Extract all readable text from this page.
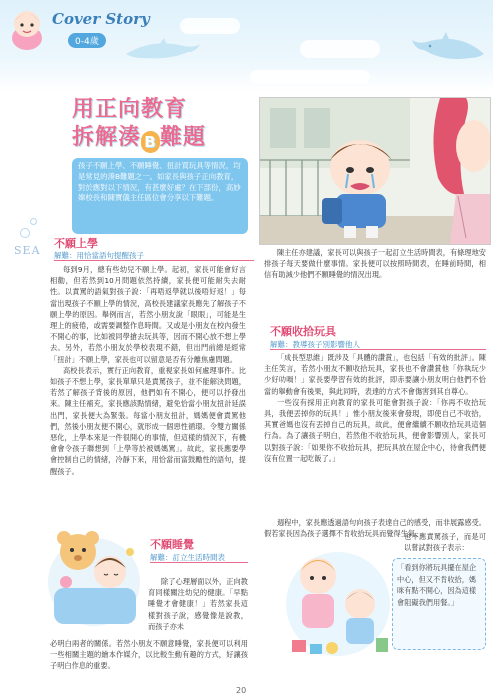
Cover Story
0-4歲
用正向教育
拆解湊 B 難題
孩子不願上學、不願睡覺、扭計買玩具等情況，均是常見的湊B難題之一。如家長與孩子正向教育，對於應對以下情況，有甚麼好處？在下部份，高妙嫦校長和陳寶儀主任區位會分享以下難題。
SEA
不願上學
解難：用恰當語句提醒孩子

每到9月，總有些幼兒不願上學。起初，家長可能會好言相勸，但若然到10月問題依然持續，家長便可能耐失去耐性。以責罵的語氣對孩子說：「再唔返學就以後唔好返！」每當出現孩子不願上學的情況，高校長建議家長應先了解孩子不願上學的原因。舉例而言，若然小朋友說「眼眼」，可能是生理上的疲倦，或需要調整作息時間。又或是小朋友在校內發生不開心的事，比如被同學搶去玩具等，因而不開心放不想上學去。另外，若然小朋友於學校表現不錯，但出門前總是經常「扭計」不願上學，家長也可以留意是否有分離焦慮問題。

高校長表示，實行正向教育，重視家長如何處理事件。比如孩子不想上學，家長單單只是責罵孩子，並不能解決問題，若然了解孩子背後的原因，他們如有不開心，便可以抒發出來。陳主任補充，家長應該點情緒，避免恰當小朋友扭計延誤出門，家長便大為緊張。每當小朋友扭計，媽媽便會責罵他們，然後小朋友便不開心，就形成一個惡性循環。令雙方關係惡化，上學本來是一件很開心的事情，但這樣的情況下，有機會會令孩子聯想到「上學等於被媽媽罵」。故此，家長應要學會控制自己的情緒，冷靜下來，用恰當而富鼓勵性的語句，提醒孩子。

不願睡覺
解難：訂立生活時間表

除了心理層面以外，正向教育同樣關注幼兒的健康。「早點睡覺才會健康！」若然家長這樣對孩子說，感覺像是說教，而孩子亦未

必明白兩者的關係。若然小朋友不願意睡覺，家長便可以利用一些相關主題的繪本作媒介，以比較生動有趣的方式，好讓孩子明白作息的重要。

陳主任亦建議，家長可以與孩子一起訂立生活時間表，有條理地安排孩子每天要做什麼事情。家長便可以按照時間表，在睡前時間，相信有助減少他們不願睡覺的情況出現。

不願收拾玩具
解難：教導孩子別影響他人

「成長型思維」既涉及「具體的讚賞」，也包括「有效的批評」。陳主任笑言，若然小朋友不願收拾玩具，家長也不會讚賞他「你執玩少少好叻喎！」家長要學習有效的批評，即赤要讓小朋友明白他們不恰當的舉動會有後果，與此同時，表達的方式不會傷害到其自尊心。

一些沒有採用正向教育的家長可能會對孩子說：「你再不收拾玩具，我便丟掉你的玩具！」惟小朋友後來會發現，即使自己不收拾，其實爸媽也沒有丟掉自己的玩具，故此，便會繼續不願收拾玩具這個行為。為了讓孩子明白，若然他不收拾玩具，便會影響別人，家長可以對孩子說：「如果你不收拾玩具，把玩具放在屋企中心，待會我們便沒有位置一起吃飯了。」

週程中，家長應透過語句向孩子表達自己的感受，而非展露感受。假若家長因為孩子選擇不肯收拾玩具而覺得生氣，

也不應責罵孩子，而是可以嘗試對孩子表示：

「看到你將玩具擺在屋企中心，但又不肯收拾，媽咪有點不開心，因為這樣會阻礙我們用餐。」
20
